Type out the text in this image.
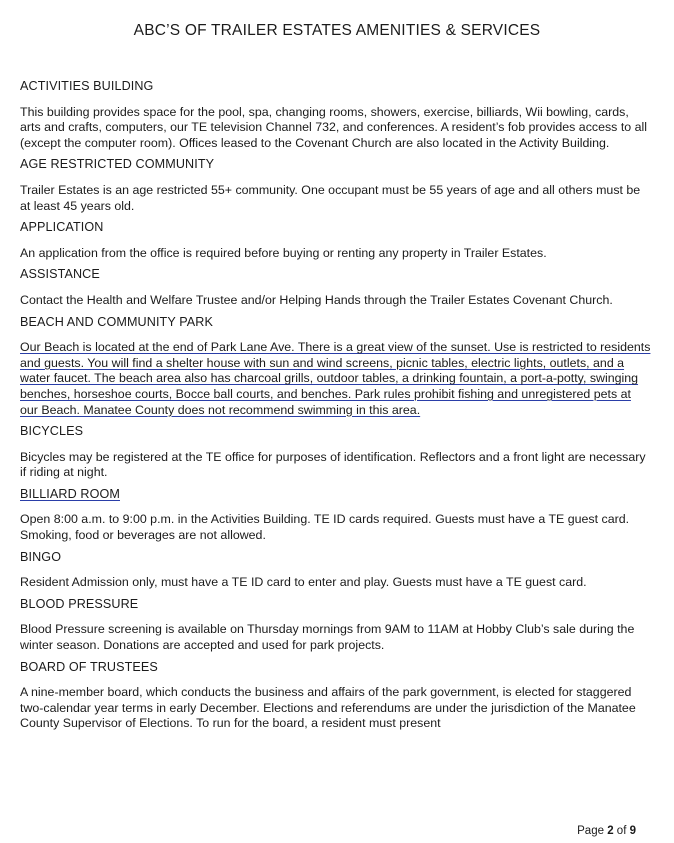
ABC’S OF TRAILER ESTATES AMENITIES & SERVICES
ACTIVITIES BUILDING
This building provides space for the pool, spa, changing rooms, showers, exercise, billiards, Wii bowling, cards, arts and crafts, computers, our TE television Channel 732, and conferences. A resident’s fob provides access to all (except the computer room). Offices leased to the Covenant Church are also located in the Activity Building.
AGE RESTRICTED COMMUNITY
Trailer Estates is an age restricted 55+ community. One occupant must be 55 years of age and all others must be at least 45 years old.
APPLICATION
An application from the office is required before buying or renting any property in Trailer Estates.
ASSISTANCE
Contact the Health and Welfare Trustee and/or Helping Hands through the Trailer Estates Covenant Church.
BEACH AND COMMUNITY PARK
Our Beach is located at the end of Park Lane Ave. There is a great view of the sunset. Use is restricted to residents and guests. You will find a shelter house with sun and wind screens, picnic tables, electric lights, outlets, and a water faucet. The beach area also has charcoal grills, outdoor tables, a drinking fountain, a port-a-potty, swinging benches, horseshoe courts, Bocce ball courts, and benches. Park rules prohibit fishing and unregistered pets at our Beach. Manatee County does not recommend swimming in this area.
BICYCLES
Bicycles may be registered at the TE office for purposes of identification. Reflectors and a front light are necessary if riding at night.
BILLIARD ROOM
Open 8:00 a.m. to 9:00 p.m. in the Activities Building. TE ID cards required. Guests must have a TE guest card. Smoking, food or beverages are not allowed.
BINGO
Resident Admission only, must have a TE ID card to enter and play. Guests must have a TE guest card.
BLOOD PRESSURE
Blood Pressure screening is available on Thursday mornings from 9AM to 11AM at Hobby Club’s sale during the winter season. Donations are accepted and used for park projects.
BOARD OF TRUSTEES
A nine-member board, which conducts the business and affairs of the park government, is elected for staggered two-calendar year terms in early December. Elections and referendums are under the jurisdiction of the Manatee County Supervisor of Elections. To run for the board, a resident must present
Page 2 of 9
